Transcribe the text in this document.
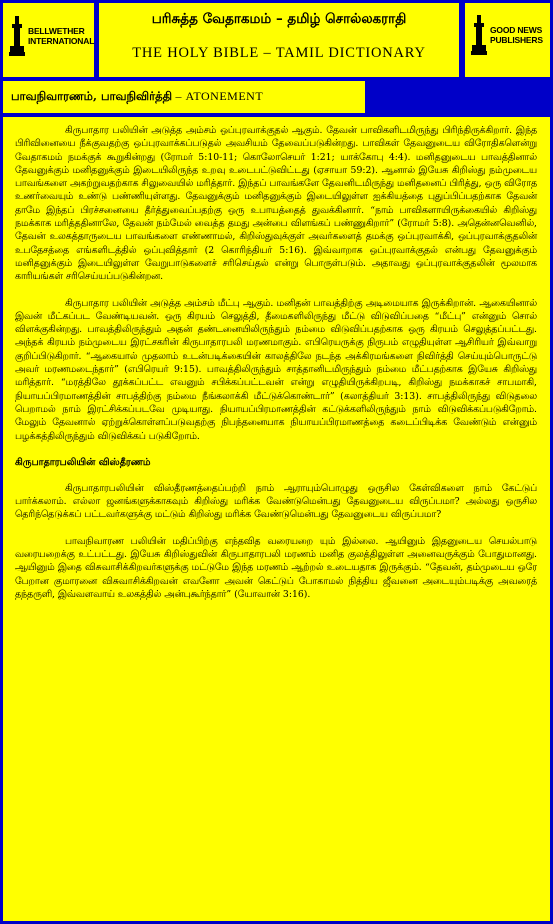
BELLWETHER
INTERNATIONAL
பரிசுத்த வேதாகமம் – தமிழ் சொல்லகராதி
THE HOLY BIBLE – TAMIL DICTIONARY
GOOD NEWS
PUBLISHERS
பாவநிவாரணம், பாவநிவிர்த்தி – ATONEMENT

கிருபாதார பலியின் அடுத்த அம்சம் ஒப்புரவாக்குதல் ஆகும். தேவன் பாவிகளிடமிருந்து பிரிந்திருக்கிறார். இந்த பிரிவினையை நீக்குவதற்கு ஒப்புரவாக்கப்படுதல் அவசியம் தேவைப்படுகின்றது. பாவிகள் தேவனுடைய விரோதிகளென்று வேதாகமம் நமக்குக் கூறுகின்றது (ரோமர் 5:10-11; கொலோசெயர் 1:21; யாக்கோபு 4:4). மனிதனுடைய பாவத்தினால் தேவனுக்கும் மனிதனுக்கும் இடையிலிருந்த உறவு உடைபட்டுவிட்டது (ஏசாயா 59:2). ஆனால் இயேசு கிறிஸ்து நம்முடைய பாவங்களை அகற்றுவதற்காக சிலுவையில் மரித்தார். இந்தப் பாவங்களே தேவனிடமிருந்து மனிதனைப் பிரித்து, ஒரு விரோத உணர்வையும் உண்டு பண்ணியுள்ளது. தேவனுக்கும் மனிதனுக்கும் இடையிலுள்ள ஐக்கியத்தை புதுப்பிப்பதற்காக தேவன் தாமே இந்தப் பிரச்சனையை தீர்த்துவைப்பதற்கு ஒரு உபாயத்தைத் துவக்கினார். “நாம் பாவிகளாயிருக்கையில் கிறிஸ்து நமக்காக மரித்ததினாலே, தேவன் நம்மேல் வைத்த தமது அன்பை விளங்கப் பண்ணுகிறார்” (ரோமர் 5:8). அதென்னவெனில், தேவன் உலகத்தாருடைய பாவங்களை எண்ணாமல், கிறிஸ்துவுக்குள் அவர்களைத் தமக்கு ஒப்புரவாக்கி, ஒப்புரவாக்குதலின் உபதேசத்தை எங்களிடத்தில் ஒப்புவித்தார் (2 கொரிந்தியர் 5:16). இவ்வாறாக ஒப்புரவாக்குதல் என்பது தேவனுக்கும் மனிதனுக்கும் இடையிலுள்ள வேறுபாடுகளைச் சரிசெய்தல் என்று பொருள்படும். அதாவது ஒப்புரவாக்குதலின் மூலமாக காரியங்கள் சரிசெய்யப்படுகின்றன.

கிருபாதார பலியின் அடுத்த அம்சம் மீட்பு ஆகும். மனிதன் பாவத்திற்கு அடிமையாக இருக்கிறான். ஆகையினால் இவன் மீட்கப்பட வேண்டியவன். ஒரு கிரயம் செலுத்தி, தீமைகளிலிருந்து மீட்டு விடுவிப்பதை “மீட்பு” என்னும் சொல் விளக்குகின்றது. பாவத்திலிருந்தும் அதன் தண்டனையிலிருந்தும் நம்மை விடுவிப்பதற்காக ஒரு கிரயம் செலுத்தப்பட்டது. அந்தக் கிரயம் நம்முடைய இரட்சகரின் கிருபாதாரபலி மரணமாகும். எபிரெயருக்கு நிருபம் எழுதியுள்ள ஆசிரியர் இவ்வாறு குறிப்பிடுகிறார். “ஆகையால் முதலாம் உடன்படிக்கையின் காலத்திலே நடந்த அக்கிரமங்களை நிவிர்த்தி செய்யும்பொருட்டு அவர் மரணமடைந்தார்” (எபிரெயர் 9:15). பாவத்திலிருந்தும் சாத்தானிடமிருந்தும் நம்மை மீட்பதற்காக இயேசு கிறிஸ்து மரித்தார். “மரத்திலே தூக்கப்பட்ட எவனும் சபிக்கப்பட்டவன் என்று எழுதியிருக்கிறபடி, கிறிஸ்து நமக்காகச் சாபமாகி, நியாயப்பிரமாணத்தின் சாபத்திற்கு நம்மை நீங்கலாக்கி மீட்டுக்கொண்டார்” (கலாத்தியர் 3:13). சாபத்திலிருந்து விடுதலை பெறாமல் நாம் இரட்சிக்கப்படவே முடியாது. நியாயப்பிரமாணத்தின் கட்டுக்களிலிருந்தும் நாம் விடுவிக்கப்படுகிறோம். மேலும் தேவனால் ஏற்றுக்கொள்ளப்படுவதற்கு நிபந்தனையாக நியாயப்பிரமாணத்தை கடைப்பிடிக்க வேண்டும் என்னும் பழக்கத்திலிருந்தும் விடுவிக்கப் படுகிறோம்.

கிருபாதாரபலியின் விஸ்தீரணம்

கிருபாதாரபலியின் விஸ்தீரணத்தைப்பற்றி நாம் ஆராயும்பொழுது ஒருசில கேள்விகளை நாம் கேட்டுப் பார்க்கலாம். எல்லா ஜனங்களுக்காகவும் கிறிஸ்து மரிக்க வேண்டுமென்பது தேவனுடைய விருப்பமா? அல்லது ஒருசில தெரிந்தெடுக்கப் பட்டவர்களுக்கு மட்டும் கிறிஸ்து மரிக்க வேண்டுமென்பது தேவனுடைய விருப்பமா?

பாவநிவாரண பலியின் மதிப்பிற்கு எந்தவித வரையறை யும் இல்லை. ஆயினும் இதனுடைய செயல்பாடு வரையறைக்கு உட்பட்டது. இயேசு கிறிஸ்துவின் கிருபாதாரபலி மரணம் மனித குலத்திலுள்ள அனைவருக்கும் போதுமானது. ஆயினும் இதை விசுவாசிக்கிறவர்களுக்கு மட்டுமே இந்த மரணம் ஆற்றல் உடையதாக இருக்கும். “தேவன், தம்முடைய ஒரே பேறான குமாரனை விசுவாசிக்கிறவன் எவனோ அவன் கெட்டுப் போகாமல் நித்திய ஜீவனை அடையும்படிக்கு அவரைத் தந்தருளி, இவ்வளவாய் உலகத்தில் அன்புகூர்ந்தார்” (யோவான் 3:16).
